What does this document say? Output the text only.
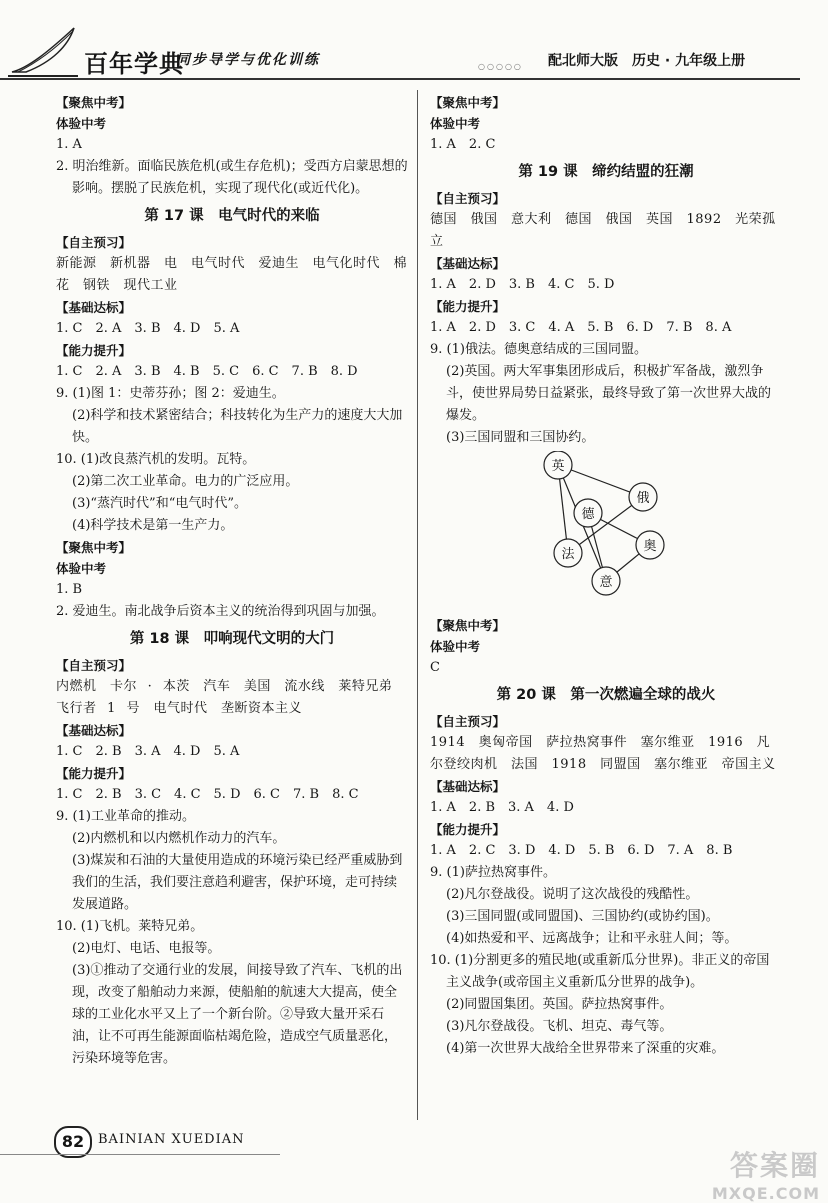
百年学典
同步导学与优化训练	○○○○○ 配北师大版　历史 · 九年级上册
【聚焦中考】
体验中考

1. A

2. 明治维新。面临民族危机(或生存危机)；受西方启蒙思想的影响。摆脱了民族危机，实现了现代化(或近代化)。

第 17 课　电气时代的来临
【自主预习】

新能源　新机器　电　电气时代　爱迪生　电气化时代　棉花　钢铁　现代工业

【基础达标】

1. C　2. A　3. B　4. D　5. A

【能力提升】

1. C　2. A　3. B　4. B　5. C　6. C　7. B　8. D

9. (1)图 1：史蒂芬孙；图 2：爱迪生。

(2)科学和技术紧密结合；科技转化为生产力的速度大大加快。

10. (1)改良蒸汽机的发明。瓦特。

(2)第二次工业革命。电力的广泛应用。

(3)“蒸汽时代”和“电气时代”。

(4)科学技术是第一生产力。

【聚焦中考】
体验中考

1. B

2. 爱迪生。南北战争后资本主义的统治得到巩固与加强。

第 18 课　叩响现代文明的大门
【自主预习】

内燃机　卡尔 · 本茨　汽车　美国　流水线　莱特兄弟　飞行者 1 号　电气时代　垄断资本主义

【基础达标】

1. C　2. B　3. A　4. D　5. A

【能力提升】

1. C　2. B　3. C　4. C　5. D　6. C　7. B　8. C

9. (1)工业革命的推动。

(2)内燃机和以内燃机作动力的汽车。

(3)煤炭和石油的大量使用造成的环境污染已经严重威胁到我们的生活，我们要注意趋利避害，保护环境，走可持续发展道路。

10. (1)飞机。莱特兄弟。

(2)电灯、电话、电报等。

(3)①推动了交通行业的发展，间接导致了汽车、飞机的出现，改变了船舶动力来源，使船舶的航速大大提高，使全球的工业化水平又上了一个新台阶。②导致大量开采石油，让不可再生能源面临枯竭危险，造成空气质量恶化，污染环境等危害。

【聚焦中考】
体验中考

1. A　2. C

第 19 课　缔约结盟的狂潮
【自主预习】

德国　俄国　意大利　德国　俄国　英国　1892　光荣孤立

【基础达标】

1. A　2. D　3. B　4. C　5. D

【能力提升】

1. A　2. D　3. C　4. A　5. B　6. D　7. B　8. A

9. (1)俄法。德奥意结成的三国同盟。

(2)英国。两大军事集团形成后，积极扩军备战，激烈争斗，使世界局势日益紧张，最终导致了第一次世界大战的爆发。

(3)三国同盟和三国协约。

英
俄
德
奥
法
意
【聚焦中考】
体验中考

C

第 20 课　第一次燃遍全球的战火
【自主预习】

1914　奥匈帝国　萨拉热窝事件　塞尔维亚　1916　凡尔登绞肉机　法国　1918　同盟国　塞尔维亚　帝国主义

【基础达标】

1. A　2. B　3. A　4. D

【能力提升】

1. A　2. C　3. D　4. D　5. B　6. D　7. A　8. B

9. (1)萨拉热窝事件。

(2)凡尔登战役。说明了这次战役的残酷性。

(3)三国同盟(或同盟国)、三国协约(或协约国)。

(4)如热爱和平、远离战争；让和平永驻人间；等。

10. (1)分割更多的殖民地(或重新瓜分世界)。非正义的帝国主义战争(或帝国主义重新瓜分世界的战争)。

(2)同盟国集团。英国。萨拉热窝事件。

(3)凡尔登战役。飞机、坦克、毒气等。

(4)第一次世界大战给全世界带来了深重的灾难。

82	BAINIAN XUEDIAN
答案圈
MXQE.COM
